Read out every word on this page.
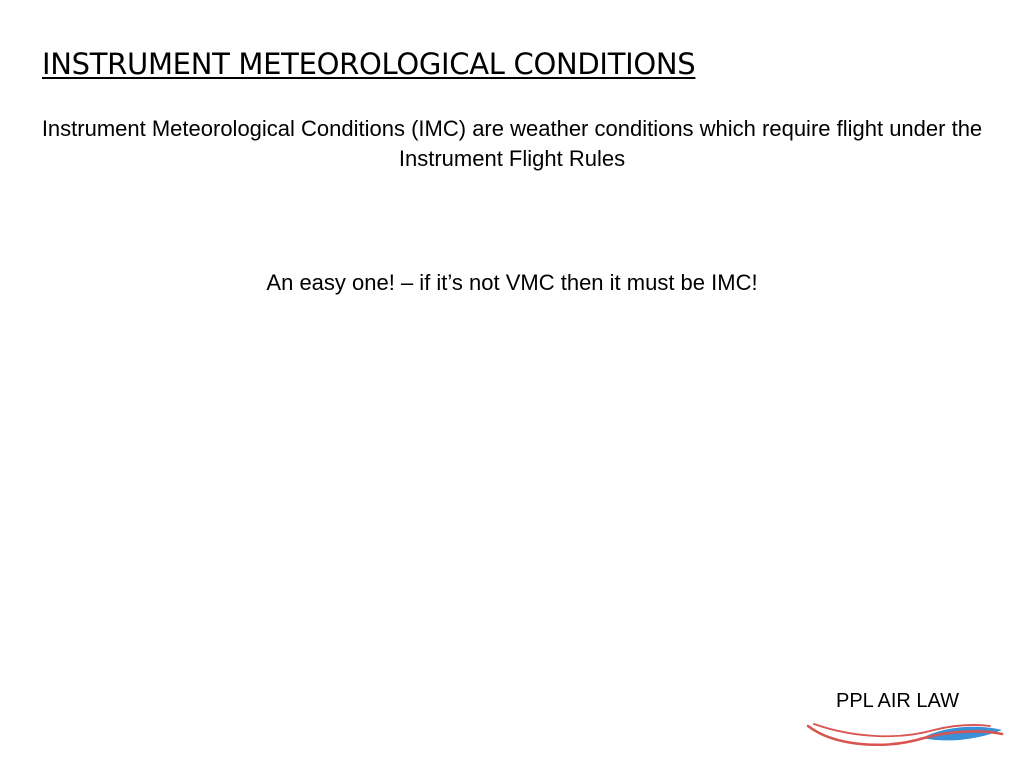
INSTRUMENT METEOROLOGICAL CONDITIONS

Instrument Meteorological Conditions (IMC) are weather conditions which require flight under the Instrument Flight Rules

An easy one! – if it’s not VMC then it must be IMC!

PPL AIR LAW
